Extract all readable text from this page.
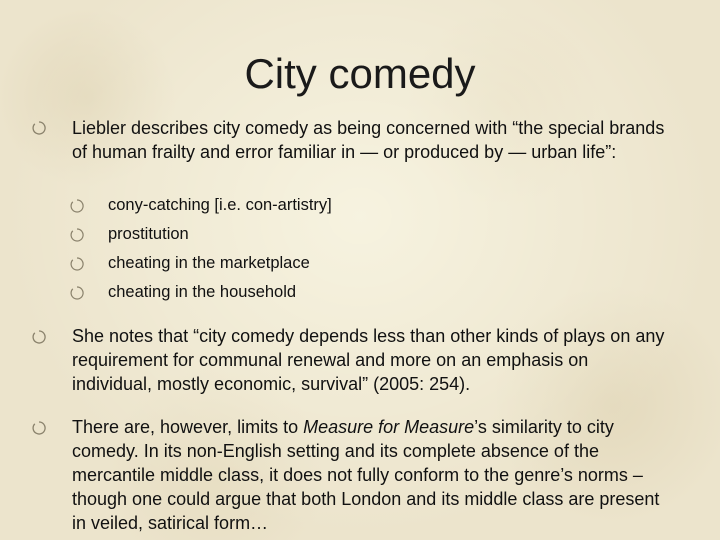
City comedy
Liebler describes city comedy as being concerned with “the special brands of human frailty and error familiar in — or produced by — urban life”:
cony-catching [i.e. con-artistry]
prostitution
cheating in the marketplace
cheating in the household
She notes that “city comedy depends less than other kinds of plays on any requirement for communal renewal and more on an emphasis on individual, mostly economic, survival” (2005: 254).
There are, however, limits to Measure for Measure’s similarity to city comedy. In its non-English setting and its complete absence of the mercantile middle class, it does not fully conform to the genre’s norms – though one could argue that both London and its middle class are present in veiled, satirical form…
